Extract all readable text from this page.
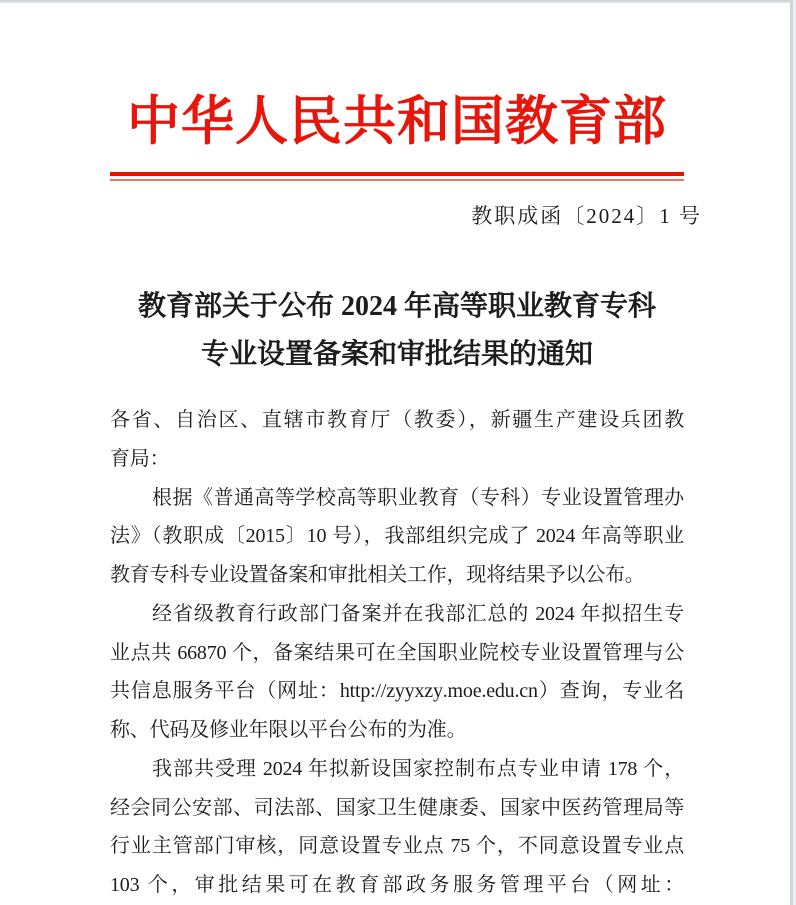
中华人民共和国教育部
教职成函〔2024〕1 号
教育部关于公布 2024 年高等职业教育专科
专业设置备案和审批结果的通知
各省、自治区、直辖市教育厅（教委），新疆生产建设兵团教
育局：
根据《普通高等学校高等职业教育（专科）专业设置管理办
法》（教职成〔2015〕10 号），我部组织完成了 2024 年高等职业
教育专科专业设置备案和审批相关工作，现将结果予以公布。
经省级教育行政部门备案并在我部汇总的 2024 年拟招生专
业点共 66870 个，备案结果可在全国职业院校专业设置管理与公
共信息服务平台（网址：http://zyyxzy.moe.edu.cn）查询，专业名
称、代码及修业年限以平台公布的为准。
我部共受理 2024 年拟新设国家控制布点专业申请 178 个，
经会同公安部、司法部、国家卫生健康委、国家中医药管理局等
行业主管部门审核，同意设置专业点 75 个，不同意设置专业点
103 个，审批结果可在教育部政务服务管理平台（网址：
